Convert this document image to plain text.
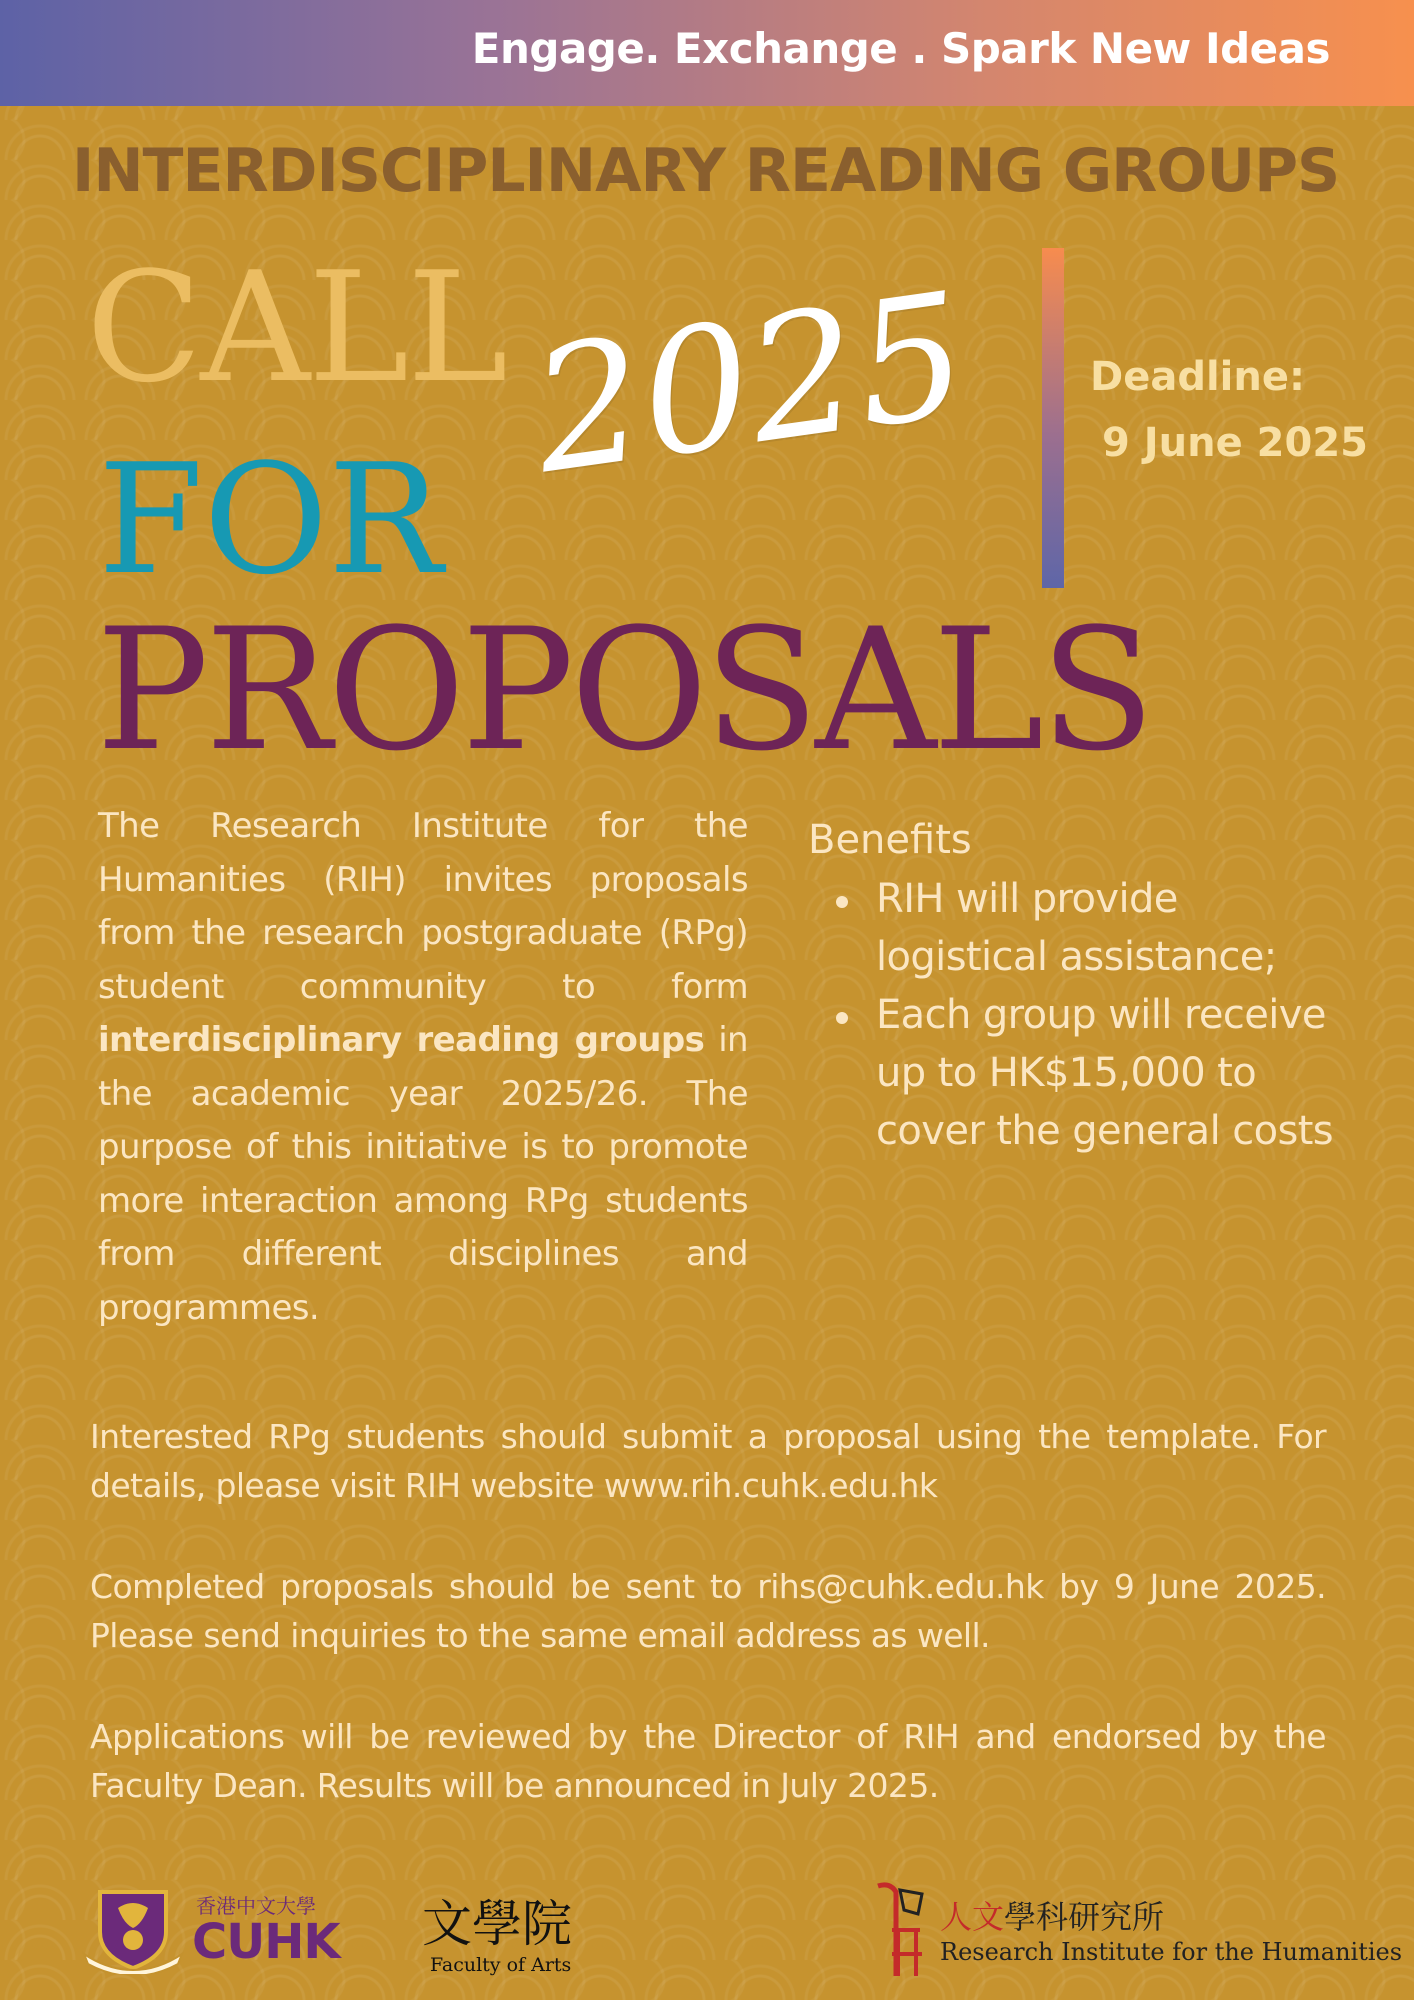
Engage. Exchange . Spark New Ideas
INTERDISCIPLINARY READING GROUPS
CALL
FOR
PROPOSALS
2025	Deadline:
9 June 2025
The Research Institute for the Humanities (RIH) invites proposals from the research postgraduate (RPg) student community to form interdisciplinary reading groups in the academic year 2025/26. The purpose of this initiative is to promote more interaction among RPg students from different disciplines and programmes.
Benefits
RIH will provide logistical assistance;
Each group will receive up to HK$15,000 to cover the general costs
Interested RPg students should submit a proposal using the template. For details, please visit RIH website www.rih.cuhk.edu.hk
Completed proposals should be sent to rihs@cuhk.edu.hk by 9 June 2025. Please send inquiries to the same email address as well.
Applications will be reviewed by the Director of RIH and endorsed by the Faculty Dean. Results will be announced in July 2025.
香港中文大學
CUHK 文學院
Faculty of Arts
人文學科研究所
Research Institute for the Humanities
